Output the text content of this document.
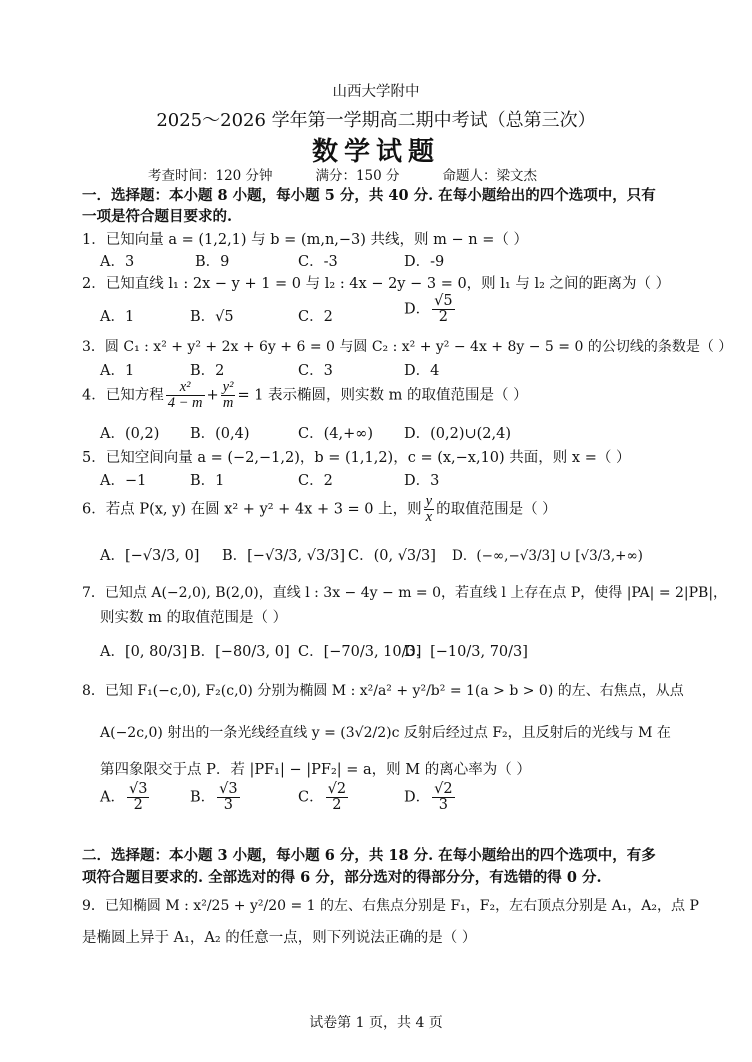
山西大学附中
2025～2026 学年第一学期高二期中考试（总第三次）
数学试题
考查时间：120 分钟          满分：150 分          命题人：梁文杰
一．选择题：本小题 8 小题，每小题 5 分，共 40 分. 在每小题给出的四个选项中，只有
一项是符合题目要求的.
1．已知向量 a = (1,2,1) 与 b = (m,n,−3) 共线，则 m − n =（ ）
A．3	B．9	C．-3	D．-9
2．已知直线 l₁ : 2x − y + 1 = 0 与 l₂ : 4x − 2y − 3 = 0，则 l₁ 与 l₂ 之间的距离为（ ）
A．1	B．√5	C．2	D． $\frac{√5}{2}$
3．圆 C₁ : x² + y² + 2x + 6y + 6 = 0 与圆 C₂ : x² + y² − 4x + 8y − 5 = 0 的公切线的条数是（ ）
A．1	B．2	C．3	D．4
4．已知方程 $\frac{\text{x²}}{4 - m} + \frac{\text{y²}}{m} = 1$ 表示椭圆，则实数 m 的取值范围是（ ）
A．(0,2) B．(0,4)	C．(4,+∞) D．(0,2)∪(2,4)
5．已知空间向量 a = (−2,−1,2)，b = (1,1,2)，c = (x,−x,10) 共面，则 x =（ ）
A．−1	B．1	C．2	D．3
6．若点 P(x, y) 在圆 x² + y² + 4x + 3 = 0 上，则 $\frac{y}{x}$ 的取值范围是（ ）
A．[−√3/3, 0] B．[−√3/3, √3/3] C．(0, √3/3] D．(−∞,−√3/3] ∪ [√3/3,+∞)
7．已知点 A(−2,0), B(2,0)，直线 l : 3x − 4y − m = 0，若直线 l 上存在点 P，使得 |PA| = 2|PB|，
则实数 m 的取值范围是（ ）
A．[0, 80/3] B．[−80/3, 0] C．[−70/3, 10/3]
D．[−10/3, 70/3]
8．已知 F₁(−c,0), F₂(c,0) 分别为椭圆 M : x²/a² + y²/b² = 1(a > b > 0) 的左、右焦点，从点
A(−2c,0) 射出的一条光线经直线 y = (3√2/2)c 反射后经过点 F₂，且反射后的光线与 M 在
第四象限交于点 P．若 |PF₁| − |PF₂| = a，则 M 的离心率为（ ）
A． $\frac{√3}{2}$	B． $\frac{√3}{3}$	C． $\frac{√2}{2}$	D． $\frac{√2}{3}$
二．选择题：本小题 3 小题，每小题 6 分，共 18 分. 在每小题给出的四个选项中，有多
项符合题目要求的. 全部选对的得 6 分，部分选对的得部分分，有选错的得 0 分.
9．已知椭圆 M : x²/25 + y²/20 = 1 的左、右焦点分别是 F₁，F₂，左右顶点分别是 A₁，A₂，点 P
是椭圆上异于 A₁，A₂ 的任意一点，则下列说法正确的是（ ）
试卷第 1 页，共 4 页
